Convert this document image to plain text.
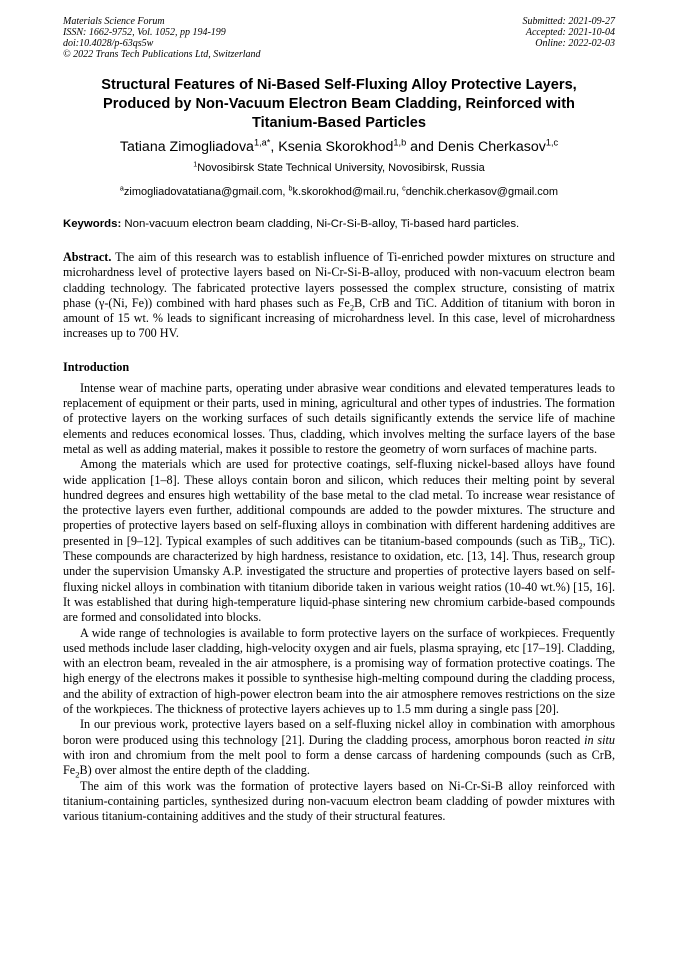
Materials Science Forum
ISSN: 1662-9752, Vol. 1052, pp 194-199
doi:10.4028/p-63qs5w
© 2022 Trans Tech Publications Ltd, Switzerland
Submitted: 2021-09-27
Accepted: 2021-10-04
Online: 2022-02-03
Structural Features of Ni-Based Self-Fluxing Alloy Protective Layers, Produced by Non-Vacuum Electron Beam Cladding, Reinforced with Titanium-Based Particles
Tatiana Zimogliadova$^{1,a*}$, Ksenia Skorokhod$^{1,b}$ and Denis Cherkasov$^{1,c}$
$^1$Novosibirsk State Technical University, Novosibirsk, Russia
$^a$zimogliadovatatiana@gmail.com, $^b$k.skorokhod@mail.ru, $^c$denchik.cherkasov@gmail.com
Keywords: Non-vacuum electron beam cladding, Ni-Cr-Si-B-alloy, Ti-based hard particles.
Abstract. The aim of this research was to establish influence of Ti-enriched powder mixtures on structure and microhardness level of protective layers based on Ni-Cr-Si-B-alloy, produced with non-vacuum electron beam cladding technology. The fabricated protective layers possessed the complex structure, consisting of matrix phase (γ-(Ni, Fe)) combined with hard phases such as $Fe_2B$, CrB and TiC. Addition of titanium with boron in amount of 15 wt. % leads to significant increasing of microhardness level. In this case, level of microhardness increases up to 700 HV.
Introduction

Intense wear of machine parts, operating under abrasive wear conditions and elevated temperatures leads to replacement of equipment or their parts, used in mining, agricultural and other types of industries. The formation of protective layers on the working surfaces of such details significantly extends the service life of machine elements and reduces economical losses. Thus, cladding, which involves melting the surface layers of the base metal as well as adding material, makes it possible to restore the geometry of worn surfaces of machine parts.

Among the materials which are used for protective coatings, self-fluxing nickel-based alloys have found wide application [1–8]. These alloys contain boron and silicon, which reduces their melting point by several hundred degrees and ensures high wettability of the base metal to the clad metal. To increase wear resistance of the protective layers even further, additional compounds are added to the powder mixtures. The structure and properties of protective layers based on self-fluxing alloys in combination with different hardening additives are presented in [9–12]. Typical examples of such additives can be titanium-based compounds (such as TiB$_2$, TiC). These compounds are characterized by high hardness, resistance to oxidation, etc. [13, 14]. Thus, research group under the supervision Umansky A.P. investigated the structure and properties of protective layers based on self-fluxing nickel alloys in combination with titanium diboride taken in various weight ratios (10-40 wt.%) [15, 16]. It was established that during high-temperature liquid-phase sintering new chromium carbide-based compounds are formed and consolidated into blocks.

A wide range of technologies is available to form protective layers on the surface of workpieces. Frequently used methods include laser cladding, high-velocity oxygen and air fuels, plasma spraying, etc [17–19]. Cladding, with an electron beam, revealed in the air atmosphere, is a promising way of formation protective coatings. The high energy of the electrons makes it possible to synthesise high-melting compound during the cladding process, and the ability of extraction of high-power electron beam into the air atmosphere removes restrictions on the size of the workpieces. The thickness of protective layers achieves up to 1.5 mm during a single pass [20].

In our previous work, protective layers based on a self-fluxing nickel alloy in combination with amorphous boron were produced using this technology [21]. During the cladding process, amorphous boron reacted in situ with iron and chromium from the melt pool to form a dense carcass of hardening compounds (such as CrB, $Fe_2B$) over almost the entire depth of the cladding.

The aim of this work was the formation of protective layers based on Ni-Cr-Si-B alloy reinforced with titanium-containing particles, synthesized during non-vacuum electron beam cladding of powder mixtures with various titanium-containing additives and the study of their structural features.
